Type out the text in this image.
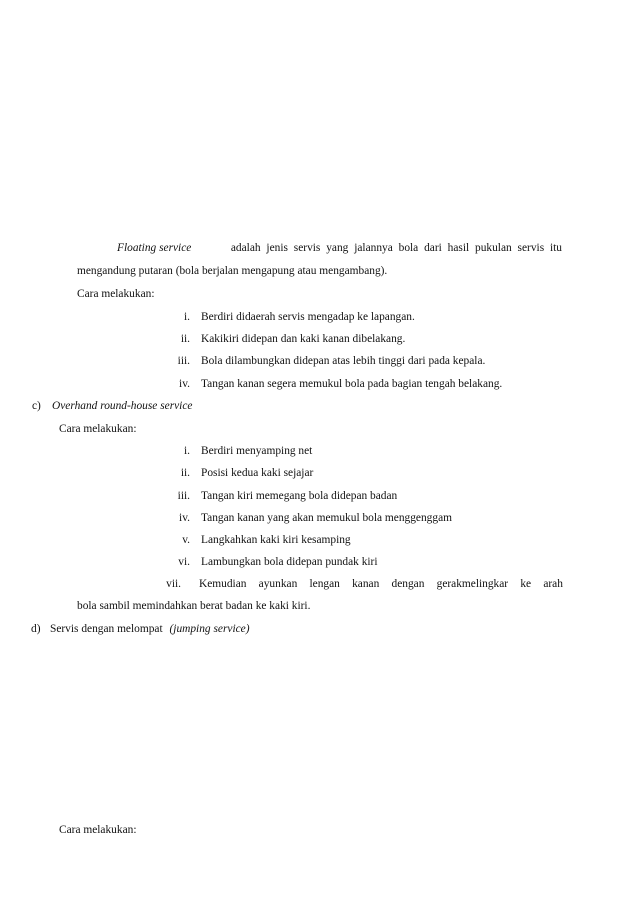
Floating service	adalah jenis servis yang jalannya bola dari hasil pukulan servis itu
mengandung putaran (bola berjalan mengapung atau mengambang).
Cara melakukan:
i. Berdiri didaerah servis mengadap ke lapangan.
ii. Kakikiri didepan dan kaki kanan dibelakang.
iii. Bola dilambungkan didepan atas lebih tinggi dari pada kepala.
iv. Tangan kanan segera memukul bola pada bagian tengah belakang.
c) Overhand round-house service
Cara melakukan:
i. Berdiri menyamping net
ii. Posisi kedua kaki sejajar
iii. Tangan kiri memegang bola didepan badan
iv. Tangan kanan yang akan memukul bola menggenggam
v. Langkahkan kaki kiri kesamping
vi. Lambungkan bola didepan pundak kiri
vii. Kemudian ayunkan lengan kanan dengan gerakmelingkar ke arah
bola sambil memindahkan berat badan ke kaki kiri.
d) Servis dengan melompat (jumping service)
Cara melakukan:
